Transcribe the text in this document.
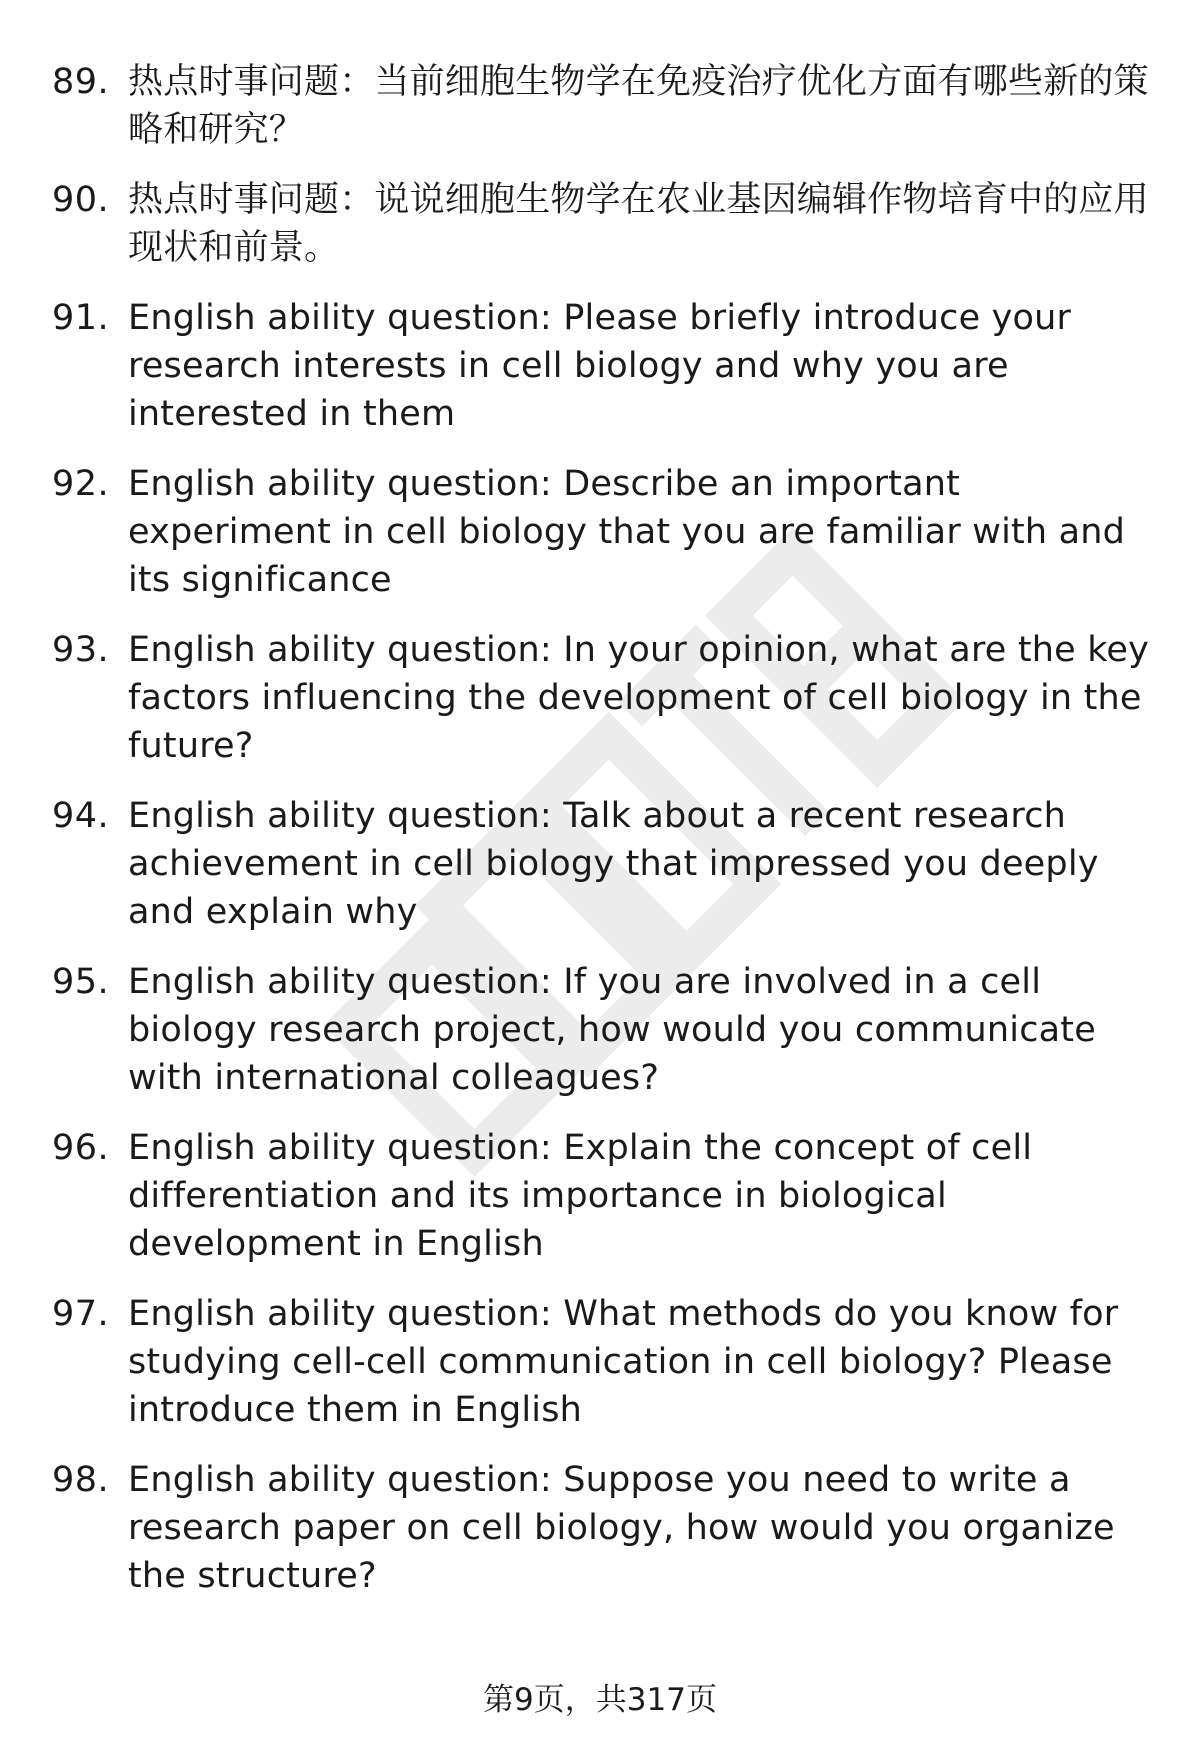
89. 热点时事问题：当前细胞生物学在免疫治疗优化方面有哪些新的策略和研究？
90. 热点时事问题：说说细胞生物学在农业基因编辑作物培育中的应用现状和前景。
91. English ability question: Please briefly introduce your research interests in cell biology and why you are interested in them
92. English ability question: Describe an important experiment in cell biology that you are familiar with and its significance
93. English ability question: In your opinion, what are the key factors influencing the development of cell biology in the future?
94. English ability question: Talk about a recent research achievement in cell biology that impressed you deeply and explain why
95. English ability question: If you are involved in a cell biology research project, how would you communicate with international colleagues?
96. English ability question: Explain the concept of cell differentiation and its importance in biological development in English
97. English ability question: What methods do you know for studying cell-cell communication in cell biology? Please introduce them in English
98. English ability question: Suppose you need to write a research paper on cell biology, how would you organize the structure?
第9页，共317页
